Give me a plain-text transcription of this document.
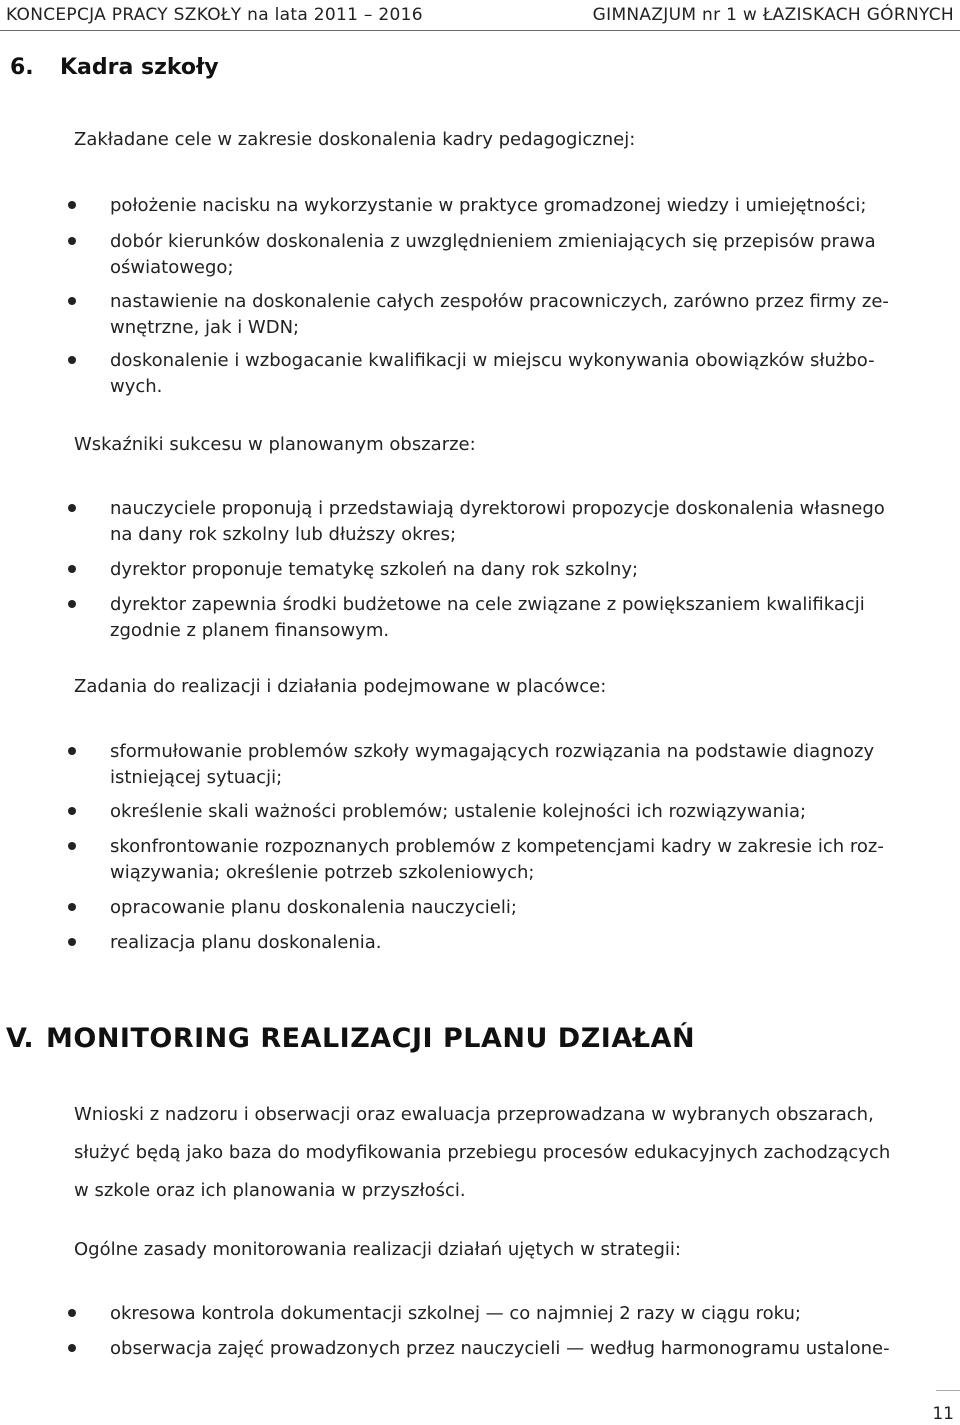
KONCEPCJA PRACY SZKOŁY na lata 2011 – 2016	GIMNAZJUM nr 1 w ŁAZISKACH GÓRNYCH
6. Kadra szkoły
Zakładane cele w zakresie doskonalenia kadry pedagogicznej:

położenie nacisku na wykorzystanie w praktyce gromadzonej wiedzy i umiejętności;

dobór kierunków doskonalenia z uwzględnieniem zmieniających się przepisów prawa
oświatowego;

nastawienie na doskonalenie całych zespołów pracowniczych, zarówno przez firmy ze-
wnętrzne, jak i WDN;

doskonalenie i wzbogacanie kwalifikacji w miejscu wykonywania obowiązków służbo-
wych.

Wskaźniki sukcesu w planowanym obszarze:

nauczyciele proponują i przedstawiają dyrektorowi propozycje doskonalenia własnego
na dany rok szkolny lub dłuższy okres;

dyrektor proponuje tematykę szkoleń na dany rok szkolny;

dyrektor zapewnia środki budżetowe na cele związane z powiększaniem kwalifikacji
zgodnie z planem finansowym.

Zadania do realizacji i działania podejmowane w placówce:

sformułowanie problemów szkoły wymagających rozwiązania na podstawie diagnozy
istniejącej sytuacji;

określenie skali ważności problemów; ustalenie kolejności ich rozwiązywania;

skonfrontowanie rozpoznanych problemów z kompetencjami kadry w zakresie ich roz-
wiązywania; określenie potrzeb szkoleniowych;

opracowanie planu doskonalenia nauczycieli;

realizacja planu doskonalenia.

V. MONITORING REALIZACJI PLANU DZIAŁAŃ
Wnioski z nadzoru i obserwacji oraz ewaluacja przeprowadzana w wybranych obszarach,
służyć będą jako baza do modyfikowania przebiegu procesów edukacyjnych zachodzących
w szkole oraz ich planowania w przyszłości.
Ogólne zasady monitorowania realizacji działań ujętych w strategii:

okresowa kontrola dokumentacji szkolnej — co najmniej 2 razy w ciągu roku;

obserwacja zajęć prowadzonych przez nauczycieli — według harmonogramu ustalone-

11
